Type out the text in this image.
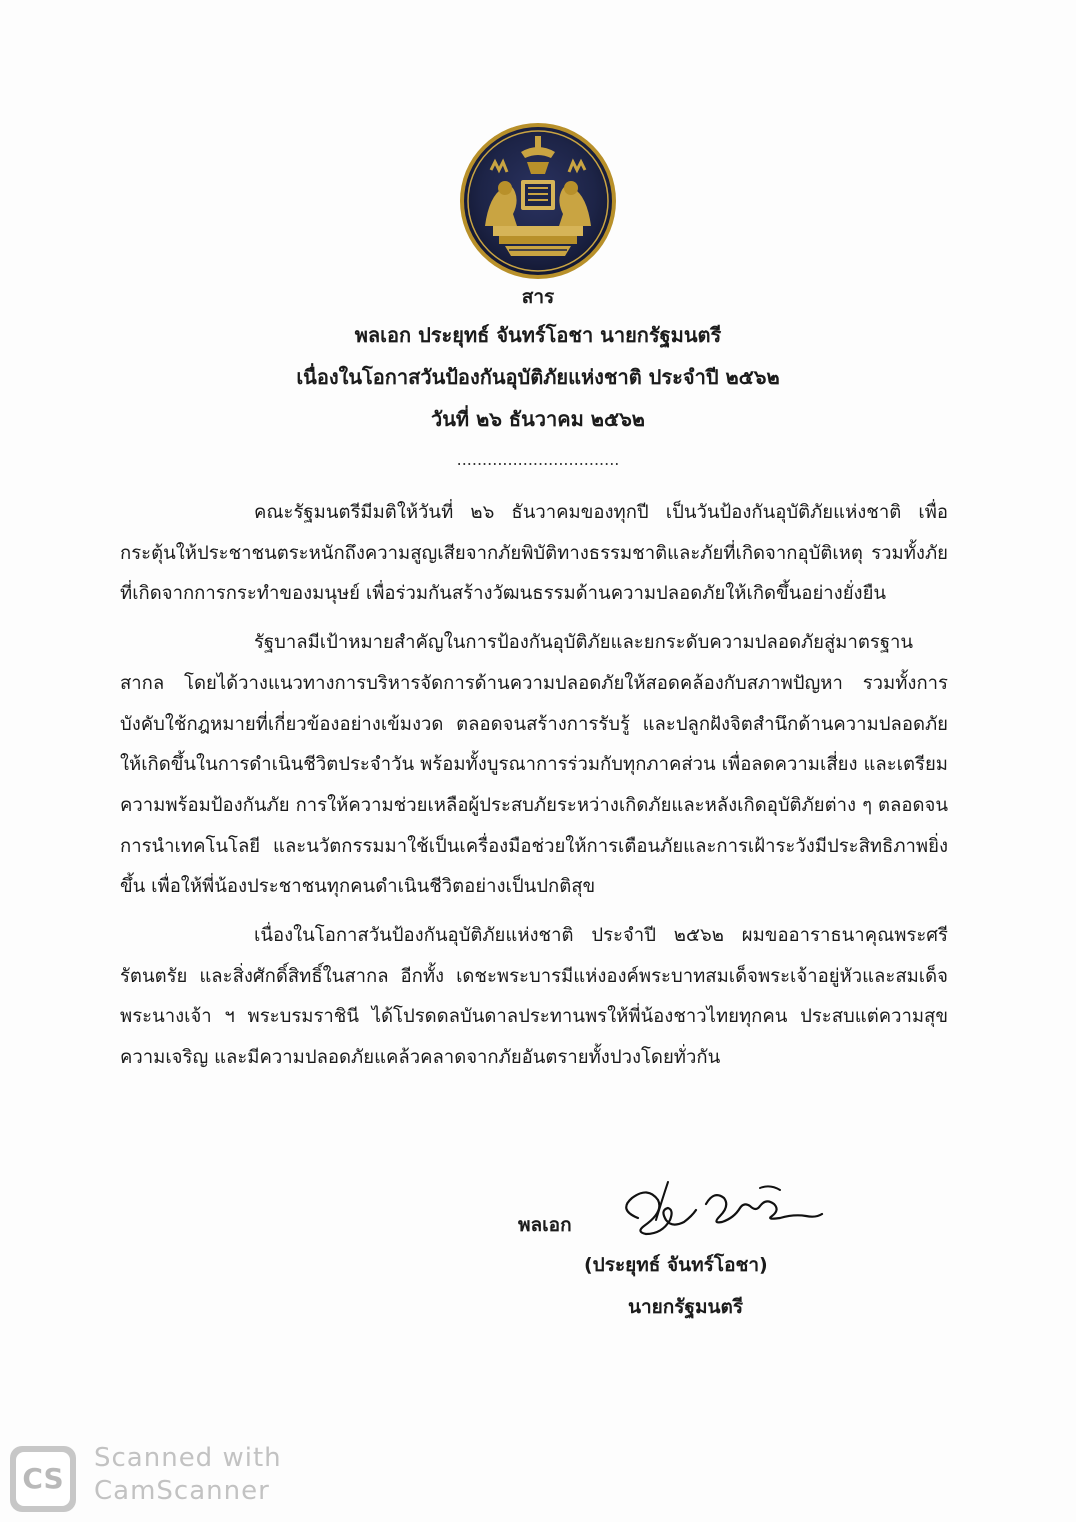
สาร
พลเอก ประยุทธ์ จันทร์โอชา นายกรัฐมนตรี
เนื่องในโอกาสวันป้องกันอุบัติภัยแห่งชาติ ประจำปี ๒๕๖๒
วันที่ ๒๖ ธันวาคม ๒๕๖๒
................................

คณะรัฐมนตรีมีมติให้วันที่ ๒๖ ธันวาคมของทุกปี เป็นวันป้องกันอุบัติภัยแห่งชาติ เพื่อกระตุ้นให้ประชาชนตระหนักถึงความสูญเสียจากภัยพิบัติทางธรรมชาติและภัยที่เกิดจากอุบัติเหตุ รวมทั้งภัยที่เกิดจากการกระทำของมนุษย์ เพื่อร่วมกันสร้างวัฒนธรรมด้านความปลอดภัยให้เกิดขึ้นอย่างยั่งยืน

รัฐบาลมีเป้าหมายสำคัญในการป้องกันอุบัติภัยและยกระดับความปลอดภัยสู่มาตรฐานสากล โดยได้วางแนวทางการบริหารจัดการด้านความปลอดภัยให้สอดคล้องกับสภาพปัญหา รวมทั้งการบังคับใช้กฎหมายที่เกี่ยวข้องอย่างเข้มงวด ตลอดจนสร้างการรับรู้ และปลูกฝังจิตสำนึกด้านความปลอดภัยให้เกิดขึ้นในการดำเนินชีวิตประจำวัน พร้อมทั้งบูรณาการร่วมกับทุกภาคส่วน เพื่อลดความเสี่ยง และเตรียมความพร้อมป้องกันภัย การให้ความช่วยเหลือผู้ประสบภัยระหว่างเกิดภัยและหลังเกิดอุบัติภัยต่าง ๆ ตลอดจนการนำเทคโนโลยี และนวัตกรรมมาใช้เป็นเครื่องมือช่วยให้การเตือนภัยและการเฝ้าระวังมีประสิทธิภาพยิ่งขึ้น เพื่อให้พี่น้องประชาชนทุกคนดำเนินชีวิตอย่างเป็นปกติสุข

เนื่องในโอกาสวันป้องกันอุบัติภัยแห่งชาติ ประจำปี ๒๕๖๒ ผมขออาราธนาคุณพระศรีรัตนตรัย และสิ่งศักดิ์สิทธิ์ในสากล อีกทั้ง เดชะพระบารมีแห่งองค์พระบาทสมเด็จพระเจ้าอยู่หัวและสมเด็จพระนางเจ้า ฯ พระบรมราชินี ได้โปรดดลบันดาลประทานพรให้พี่น้องชาวไทยทุกคน ประสบแต่ความสุข ความเจริญ และมีความปลอดภัยแคล้วคลาดจากภัยอันตรายทั้งปวงโดยทั่วกัน

พลเอก
(ประยุทธ์ จันทร์โอชา)
นายกรัฐมนตรี
CS
Scanned with
CamScanner
